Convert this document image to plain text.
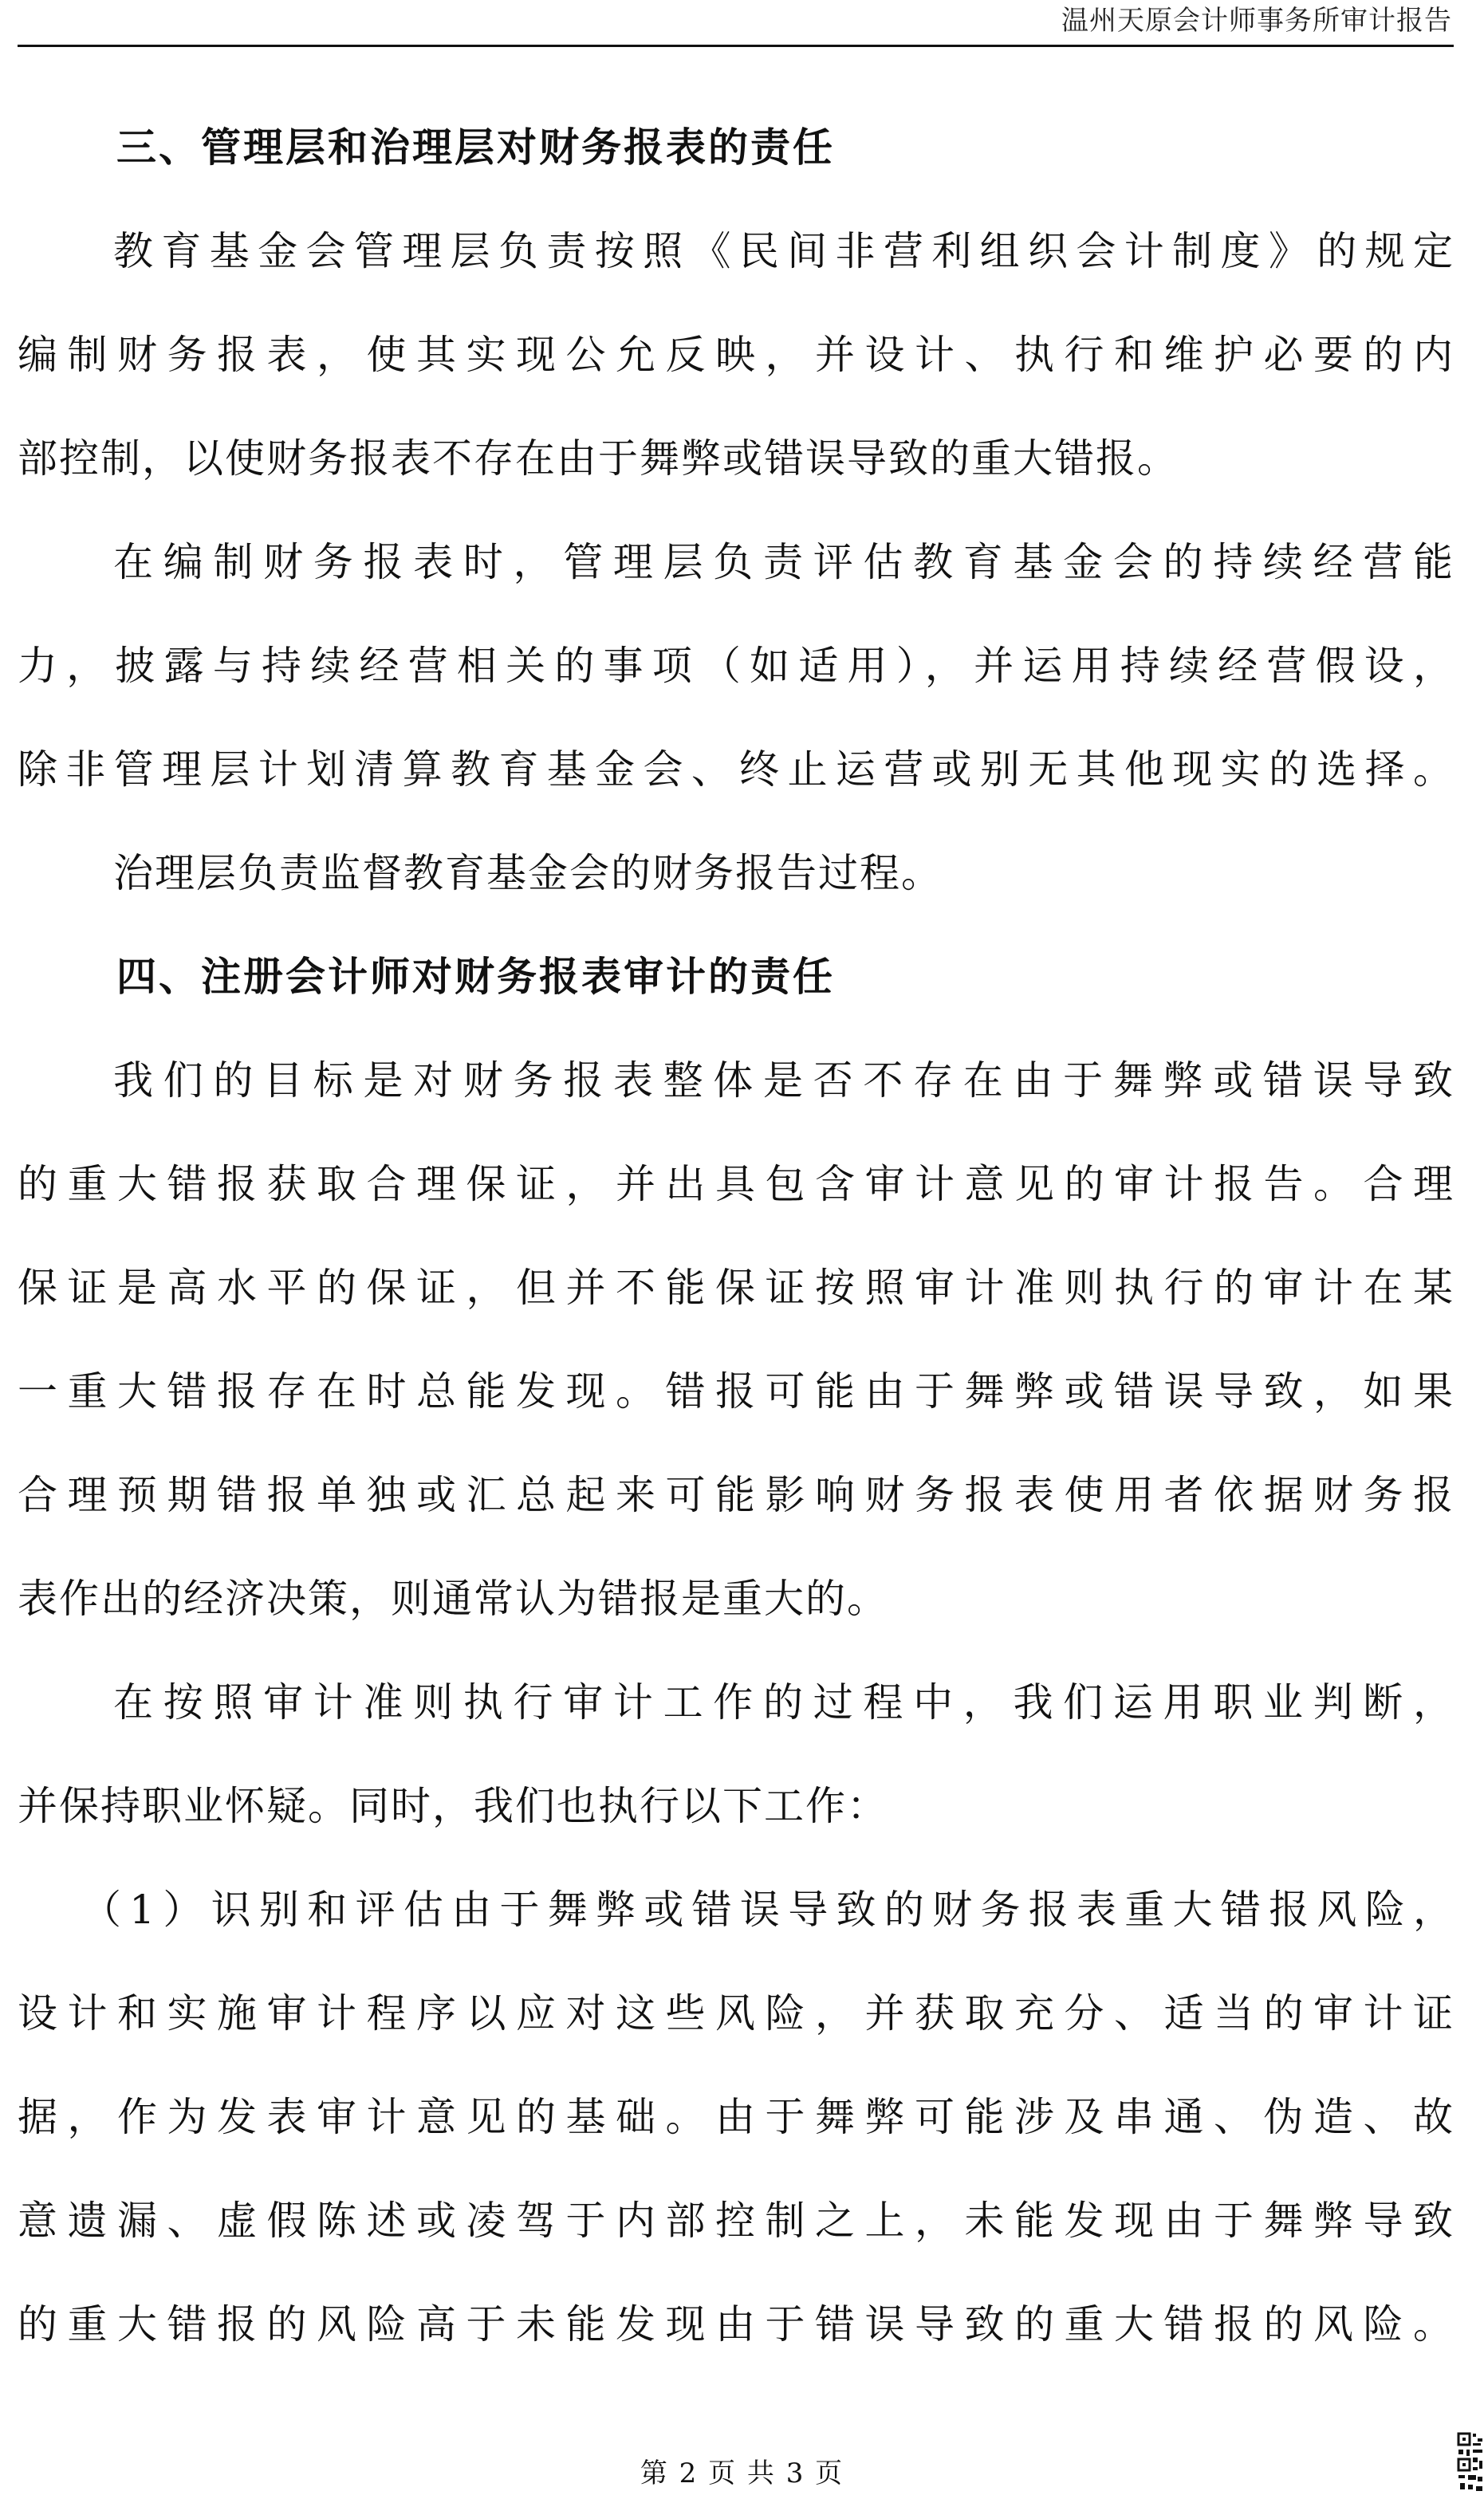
温州天原会计师事务所审计报告
三、管理层和治理层对财务报表的责任
教育基金会管理层负责按照《民间非营利组织会计制度》的规定
编制财务报表，使其实现公允反映，并设计、执行和维护必要的内
部控制，以使财务报表不存在由于舞弊或错误导致的重大错报。
在编制财务报表时，管理层负责评估教育基金会的持续经营能
力，披露与持续经营相关的事项（如适用），并运用持续经营假设，
除非管理层计划清算教育基金会、终止运营或别无其他现实的选择。
治理层负责监督教育基金会的财务报告过程。
四、注册会计师对财务报表审计的责任
我们的目标是对财务报表整体是否不存在由于舞弊或错误导致
的重大错报获取合理保证，并出具包含审计意见的审计报告。合理
保证是高水平的保证，但并不能保证按照审计准则执行的审计在某
一重大错报存在时总能发现。错报可能由于舞弊或错误导致，如果
合理预期错报单独或汇总起来可能影响财务报表使用者依据财务报
表作出的经济决策，则通常认为错报是重大的。
在按照审计准则执行审计工作的过程中，我们运用职业判断，
并保持职业怀疑。同时，我们也执行以下工作：
（1）识别和评估由于舞弊或错误导致的财务报表重大错报风险，
设计和实施审计程序以应对这些风险，并获取充分、适当的审计证
据，作为发表审计意见的基础。由于舞弊可能涉及串通、伪造、故
意遗漏、虚假陈述或凌驾于内部控制之上，未能发现由于舞弊导致
的重大错报的风险高于未能发现由于错误导致的重大错报的风险。
第 2 页 共 3 页
